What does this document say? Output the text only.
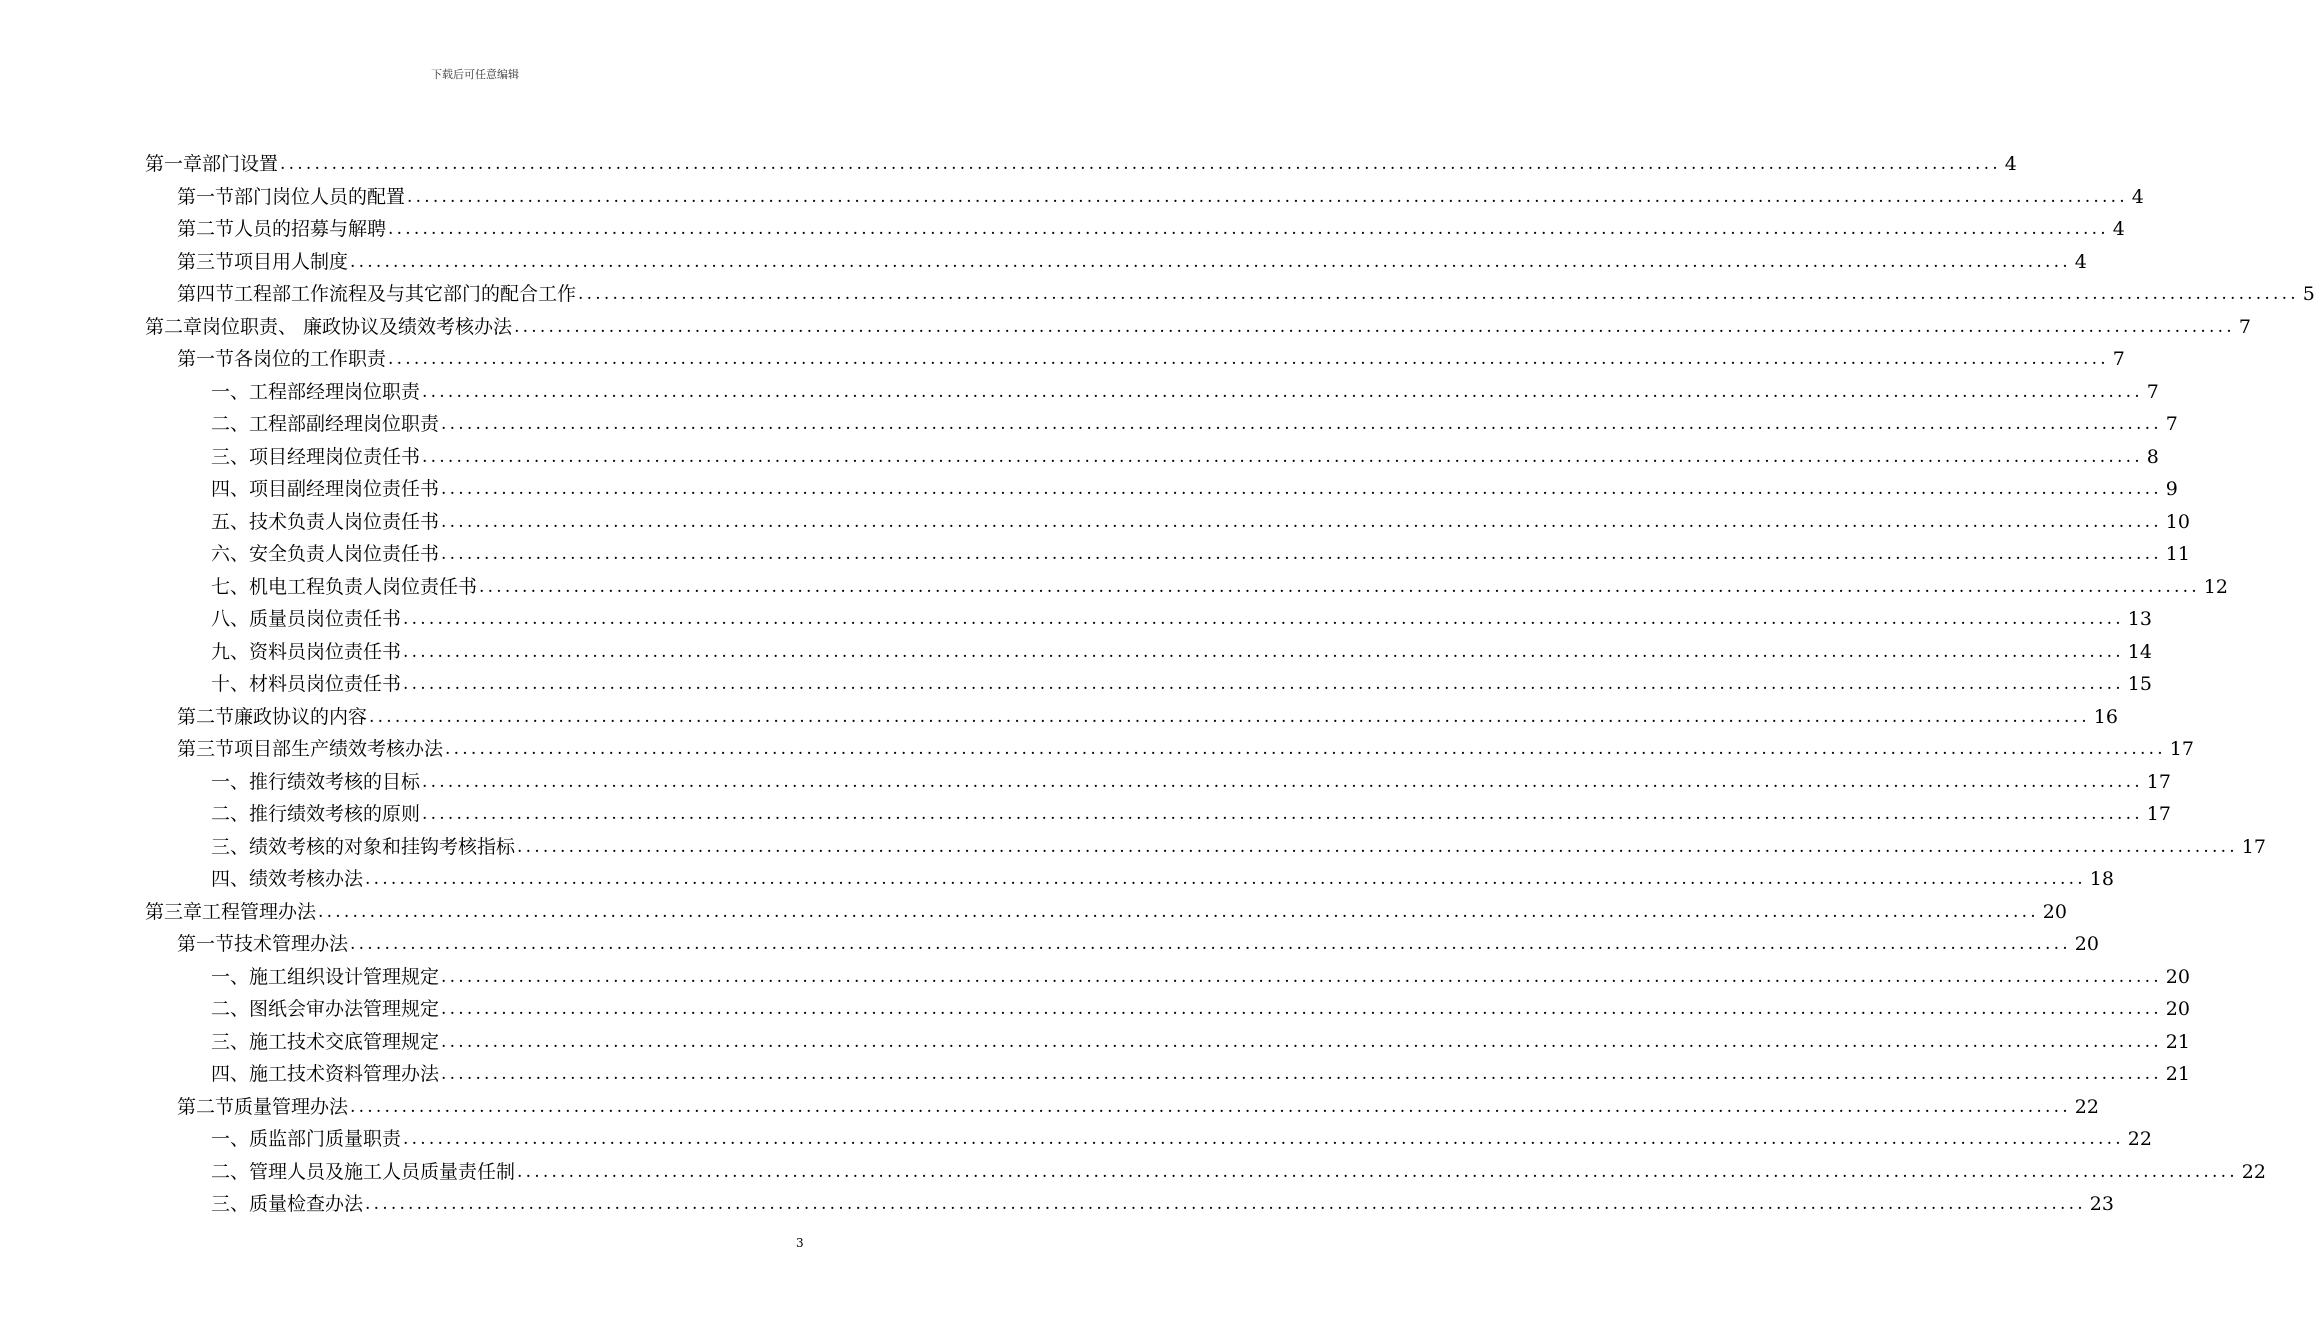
下载后可任意编辑
第一章 部门设置 ........................................................................................................................................................................................................ 4
第一节 部门岗位人员的配置 ........................................................................................................................................................................................................ 4
第二节 人员的招募与解聘 ........................................................................................................................................................................................................ 4
第三节 项目用人制度 ........................................................................................................................................................................................................ 4
第四节 工程部工作流程及与其它部门的配合工作 ........................................................................................................................................................................................................ 5
第二章 岗位职责、 廉政协议及绩效考核办法 ........................................................................................................................................................................................................ 7
第一节 各岗位的工作职责 ........................................................................................................................................................................................................ 7
一、 工程部经理岗位职责 ........................................................................................................................................................................................................ 7
二、 工程部副经理岗位职责 ........................................................................................................................................................................................................ 7
三、 项目经理岗位责任书 ........................................................................................................................................................................................................ 8
四、 项目副经理岗位责任书 ........................................................................................................................................................................................................ 9
五、 技术负责人岗位责任书 ........................................................................................................................................................................................................ 10
六、 安全负责人岗位责任书 ........................................................................................................................................................................................................ 11
七、 机电工程负责人岗位责任书 ........................................................................................................................................................................................................ 12
八、 质量员岗位责任书 ........................................................................................................................................................................................................ 13
九、 资料员岗位责任书 ........................................................................................................................................................................................................ 14
十、 材料员岗位责任书 ........................................................................................................................................................................................................ 15
第二节 廉政协议的内容 ........................................................................................................................................................................................................ 16
第三节 项目部生产绩效考核办法 ........................................................................................................................................................................................................ 17
一、 推行绩效考核的目标 ........................................................................................................................................................................................................ 17
二、 推行绩效考核的原则 ........................................................................................................................................................................................................ 17
三、 绩效考核的对象和挂钩考核指标 ........................................................................................................................................................................................................ 17
四、 绩效考核办法 ........................................................................................................................................................................................................ 18
第三章 工程管理办法 ........................................................................................................................................................................................................ 20
第一节 技术管理办法 ........................................................................................................................................................................................................ 20
一、 施工组织设计管理规定 ........................................................................................................................................................................................................ 20
二、 图纸会审办法管理规定 ........................................................................................................................................................................................................ 20
三、 施工技术交底管理规定 ........................................................................................................................................................................................................ 21
四、 施工技术资料管理办法 ........................................................................................................................................................................................................ 21
第二节 质量管理办法 ........................................................................................................................................................................................................ 22
一、 质监部门质量职责 ........................................................................................................................................................................................................ 22
二、 管理人员及施工人员质量责任制 ........................................................................................................................................................................................................ 22
三、 质量检查办法 ........................................................................................................................................................................................................ 23
3
